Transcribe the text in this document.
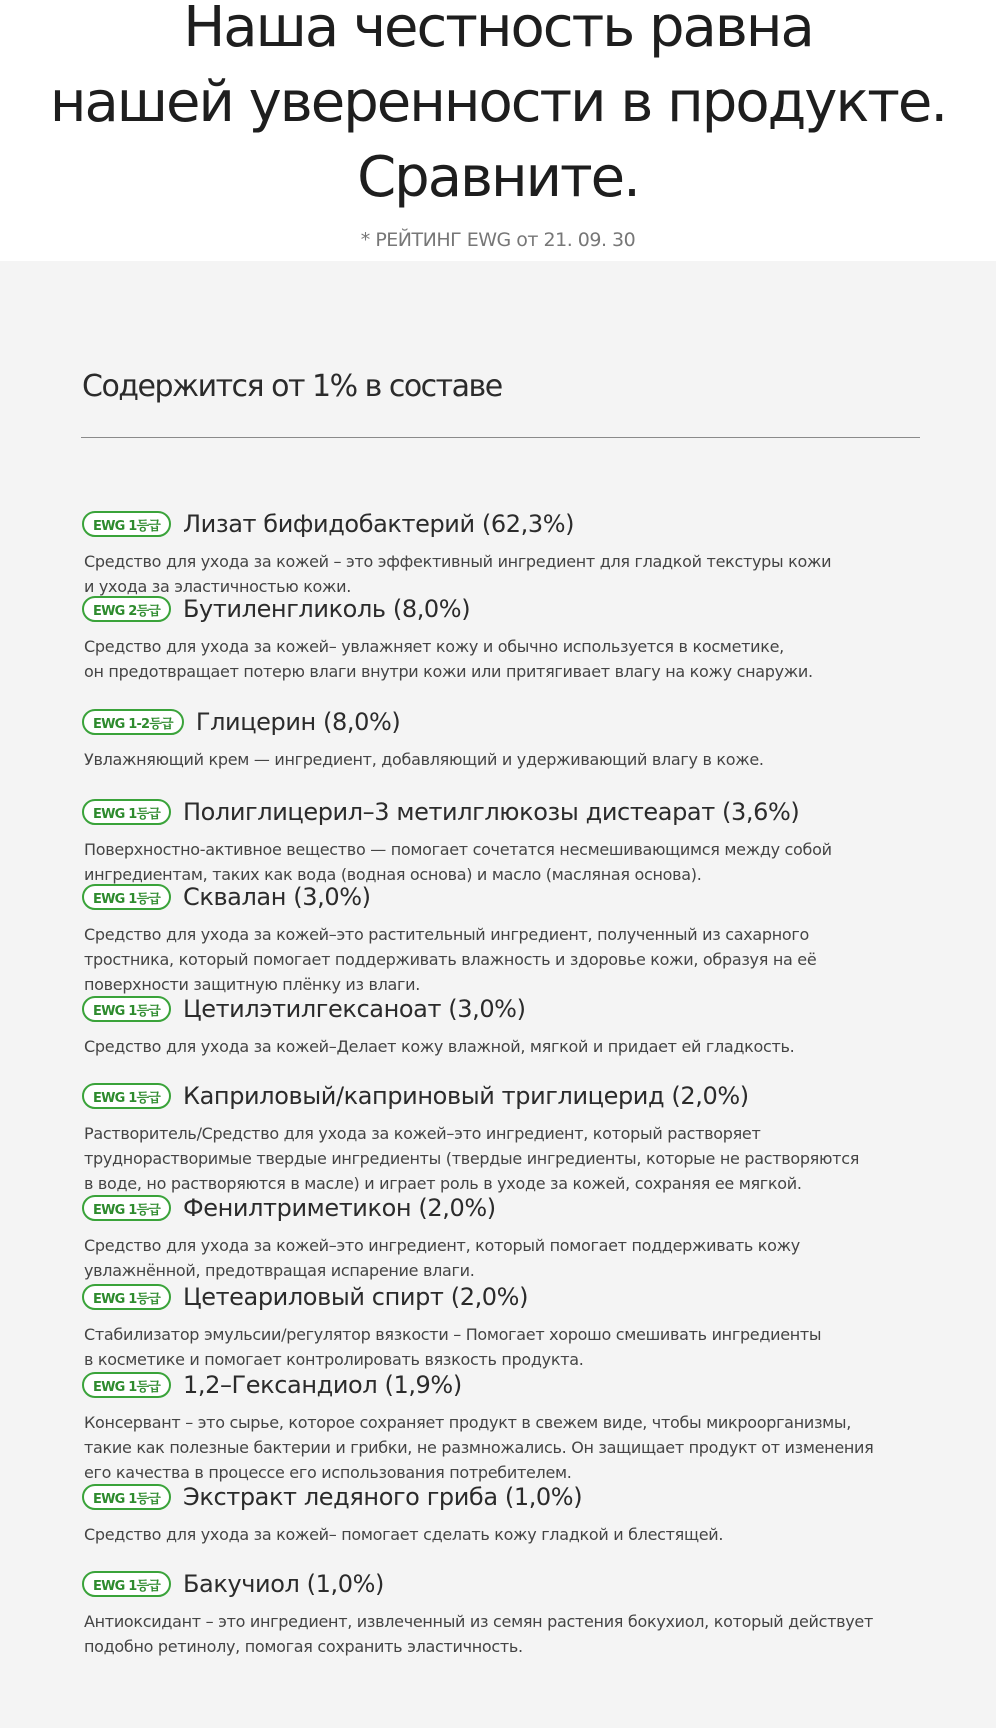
Наша честность равна
нашей уверенности в продукте.
Сравните.
* РЕЙТИНГ EWG от 21. 09. 30
Содержится от 1% в составе
EWG 1등급 Лизат бифидобактерий (62,3%)
Средство для ухода за кожей – это эффективный ингредиент для гладкой текстуры кожи
и ухода за эластичностью кожи.
EWG 2등급 Бутиленгликоль (8,0%)
Средство для ухода за кожей– увлажняет кожу и обычно используется в косметике,
он предотвращает потерю влаги внутри кожи или притягивает влагу на кожу снаружи.
EWG 1-2등급 Глицерин (8,0%)
Увлажняющий крем — ингредиент, добавляющий и удерживающий влагу в коже.
EWG 1등급 Полиглицерил–3 метилглюкозы дистеарат (3,6%)
Поверхностно-активное вещество — помогает сочетатся несмешивающимся между собой
ингредиентам, таких как вода (водная основа) и масло (масляная основа).
EWG 1등급 Сквалан (3,0%)
Средство для ухода за кожей–это растительный ингредиент, полученный из сахарного
тростника, который помогает поддерживать влажность и здоровье кожи, образуя на её
поверхности защитную плёнку из влаги.
EWG 1등급 Цетилэтилгексаноат (3,0%)
Средство для ухода за кожей–Делает кожу влажной, мягкой и придает ей гладкость.
EWG 1등급 Каприловый/каприновый триглицерид (2,0%)
Растворитель/Средство для ухода за кожей–это ингредиент, который растворяет
труднорастворимые твердые ингредиенты (твердые ингредиенты, которые не растворяются
в воде, но растворяются в масле) и играет роль в уходе за кожей, сохраняя ее мягкой.
EWG 1등급 Фенилтриметикон (2,0%)
Средство для ухода за кожей–это ингредиент, который помогает поддерживать кожу
увлажнённой, предотвращая испарение влаги.
EWG 1등급 Цетеариловый спирт (2,0%)
Стабилизатор эмульсии/регулятор вязкости – Помогает хорошо смешивать ингредиенты
в косметике и помогает контролировать вязкость продукта.
EWG 1등급 1,2–Гександиол (1,9%)
Консервант – это сырье, которое сохраняет продукт в свежем виде, чтобы микроорганизмы,
такие как полезные бактерии и грибки, не размножались. Он защищает продукт от изменения
его качества в процессе его использования потребителем.
EWG 1등급 Экстракт ледяного гриба (1,0%)
Средство для ухода за кожей– помогает сделать кожу гладкой и блестящей.
EWG 1등급 Бакучиол (1,0%)
Антиоксидант – это ингредиент, извлеченный из семян растения бокухиол, который действует
подобно ретинолу, помогая сохранить эластичность.
